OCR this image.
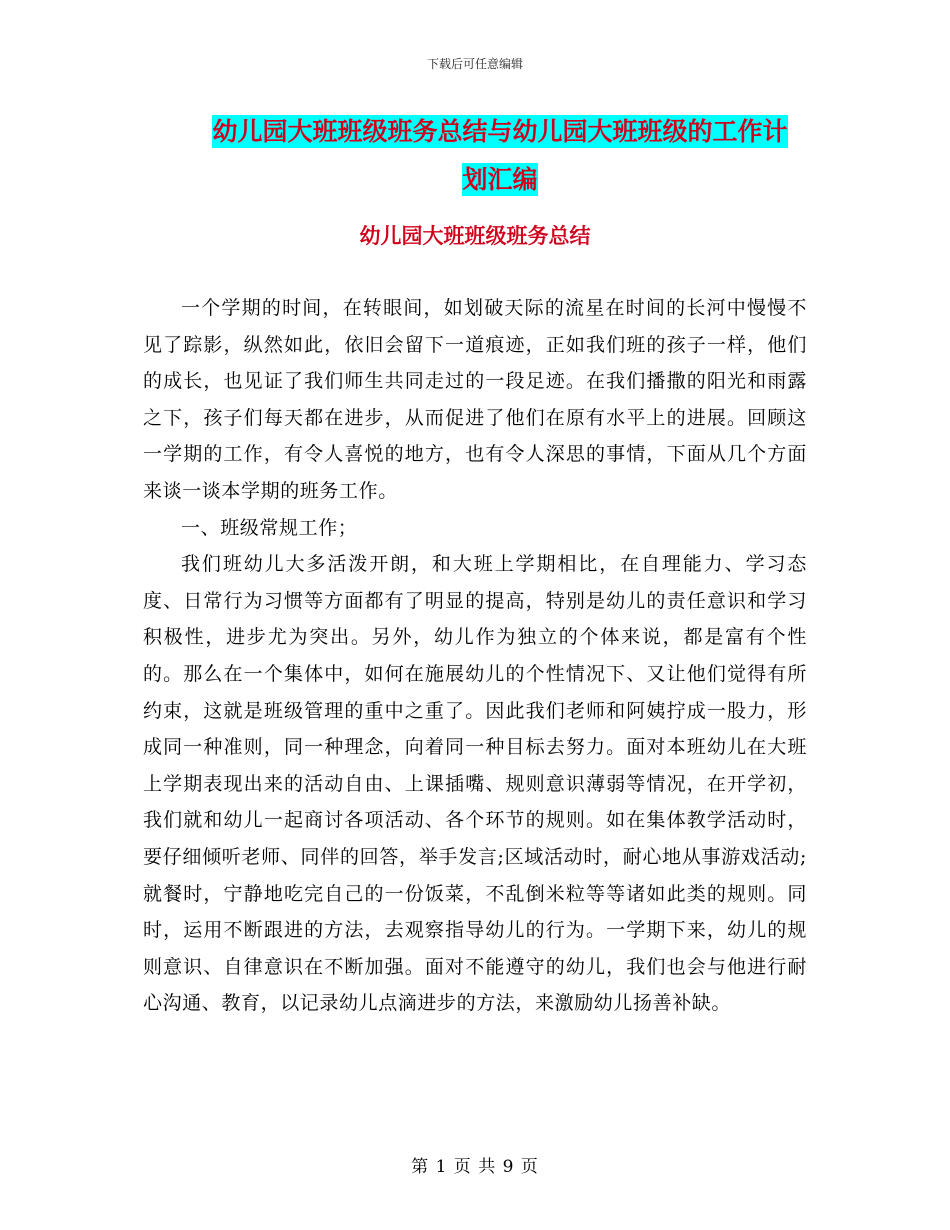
下载后可任意编辑
幼儿园大班班级班务总结与幼儿园大班班级的工作计
划汇编
幼儿园大班班级班务总结

一个学期的时间，在转眼间，如划破天际的流星在时间的长河中慢慢不见了踪影，纵然如此，依旧会留下一道痕迹，正如我们班的孩子一样，他们的成长，也见证了我们师生共同走过的一段足迹。在我们播撒的阳光和雨露之下，孩子们每天都在进步，从而促进了他们在原有水平上的进展。回顾这一学期的工作，有令人喜悦的地方，也有令人深思的事情，下面从几个方面来谈一谈本学期的班务工作。

一、班级常规工作；

我们班幼儿大多活泼开朗，和大班上学期相比，在自理能力、学习态度、日常行为习惯等方面都有了明显的提高，特别是幼儿的责任意识和学习积极性，进步尤为突出。另外，幼儿作为独立的个体来说，都是富有个性的。那么在一个集体中，如何在施展幼儿的个性情况下、又让他们觉得有所约束，这就是班级管理的重中之重了。因此我们老师和阿姨拧成一股力，形成同一种准则，同一种理念，向着同一种目标去努力。面对本班幼儿在大班上学期表现出来的活动自由、上课插嘴、规则意识薄弱等情况，在开学初，我们就和幼儿一起商讨各项活动、各个环节的规则。如在集体教学活动时，要仔细倾听老师、同伴的回答，举手发言;区域活动时，耐心地从事游戏活动;就餐时，宁静地吃完自己的一份饭菜，不乱倒米粒等等诸如此类的规则。同时，运用不断跟进的方法，去观察指导幼儿的行为。一学期下来，幼儿的规则意识、自律意识在不断加强。面对不能遵守的幼儿，我们也会与他进行耐心沟通、教育，以记录幼儿点滴进步的方法，来激励幼儿扬善补缺。

第 1 页 共 9 页
